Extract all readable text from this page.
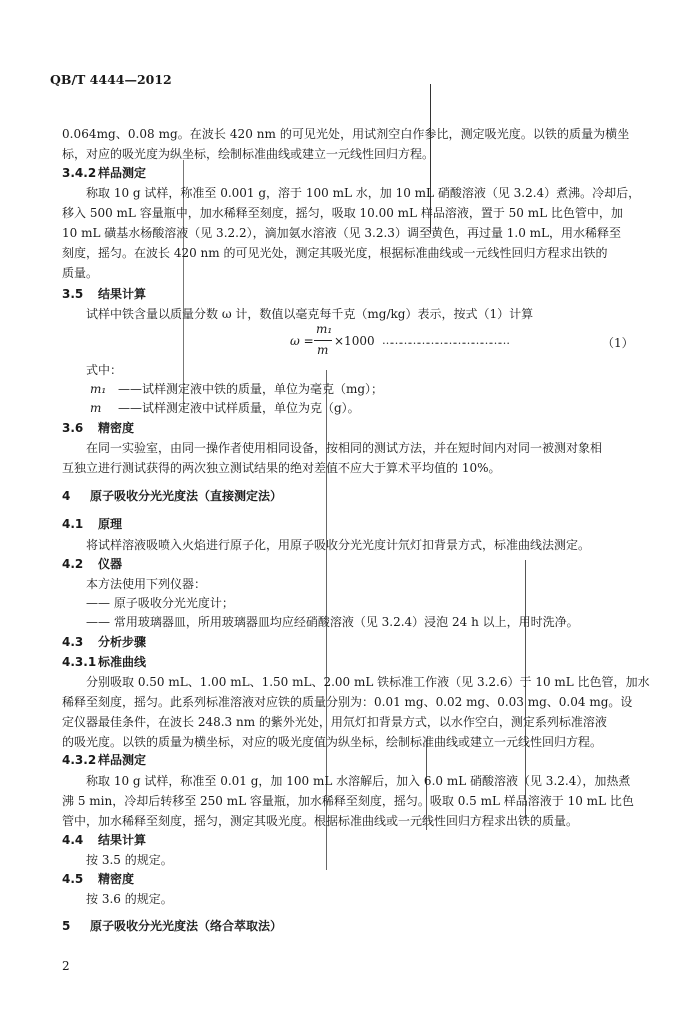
QB/T 4444—2012
0.064mg、0.08 mg。在波长 420 nm 的可见光处，用试剂空白作参比，测定吸光度。以铁的质量为横坐
标，对应的吸光度为纵坐标，绘制标准曲线或建立一元线性回归方程。
3.4.2 样品测定
称取 10 g 试样，称准至 0.001 g，溶于 100 mL 水，加 10 mL 硝酸溶液（见 3.2.4）煮沸。冷却后，
移入 500 mL 容量瓶中，加水稀释至刻度，摇匀，吸取 10.00 mL 样品溶液，置于 50 mL 比色管中，加
10 mL 磺基水杨酸溶液（见 3.2.2），滴加氨水溶液（见 3.2.3）调至黄色，再过量 1.0 mL，用水稀释至
刻度，摇匀。在波长 420 nm 的可见光处，测定其吸光度，根据标准曲线或一元线性回归方程求出铁的
质量。
3.5 结果计算
试样中铁含量以质量分数 ω 计，数值以毫克每千克（mg/kg）表示，按式（1）计算
ω =
m₁
m
×1000 ……………………………………	（1）
式中：
m₁ ——试样测定液中铁的质量，单位为毫克（mg）；
m ——试样测定液中试样质量，单位为克（g）。
3.6 精密度
在同一实验室，由同一操作者使用相同设备，按相同的测试方法，并在短时间内对同一被测对象相
互独立进行测试获得的两次独立测试结果的绝对差值不应大于算术平均值的 10%。
4 原子吸收分光光度法（直接测定法）
4.1 原理
将试样溶液吸喷入火焰进行原子化，用原子吸收分光光度计氘灯扣背景方式，标准曲线法测定。
4.2 仪器
本方法使用下列仪器：
—— 原子吸收分光光度计；
—— 常用玻璃器皿，所用玻璃器皿均应经硝酸溶液（见 3.2.4）浸泡 24 h 以上，用时洗净。
4.3 分析步骤
4.3.1 标准曲线
分别吸取 0.50 mL、1.00 mL、1.50 mL、2.00 mL 铁标准工作液（见 3.2.6）于 10 mL 比色管，加水
稀释至刻度，摇匀。此系列标准溶液对应铁的质量分别为：0.01 mg、0.02 mg、0.03 mg、0.04 mg。设
定仪器最佳条件，在波长 248.3 nm 的紫外光处，用氘灯扣背景方式，以水作空白，测定系列标准溶液
的吸光度。以铁的质量为横坐标，对应的吸光度值为纵坐标，绘制标准曲线或建立一元线性回归方程。
4.3.2 样品测定
称取 10 g 试样，称准至 0.01 g，加 100 mL 水溶解后，加入 6.0 mL 硝酸溶液（见 3.2.4），加热煮
沸 5 min，冷却后转移至 250 mL 容量瓶，加水稀释至刻度，摇匀。吸取 0.5 mL 样品溶液于 10 mL 比色
管中，加水稀释至刻度，摇匀，测定其吸光度。根据标准曲线或一元线性回归方程求出铁的质量。
4.4 结果计算
按 3.5 的规定。
4.5 精密度
按 3.6 的规定。
5 原子吸收分光光度法（络合萃取法）
2
